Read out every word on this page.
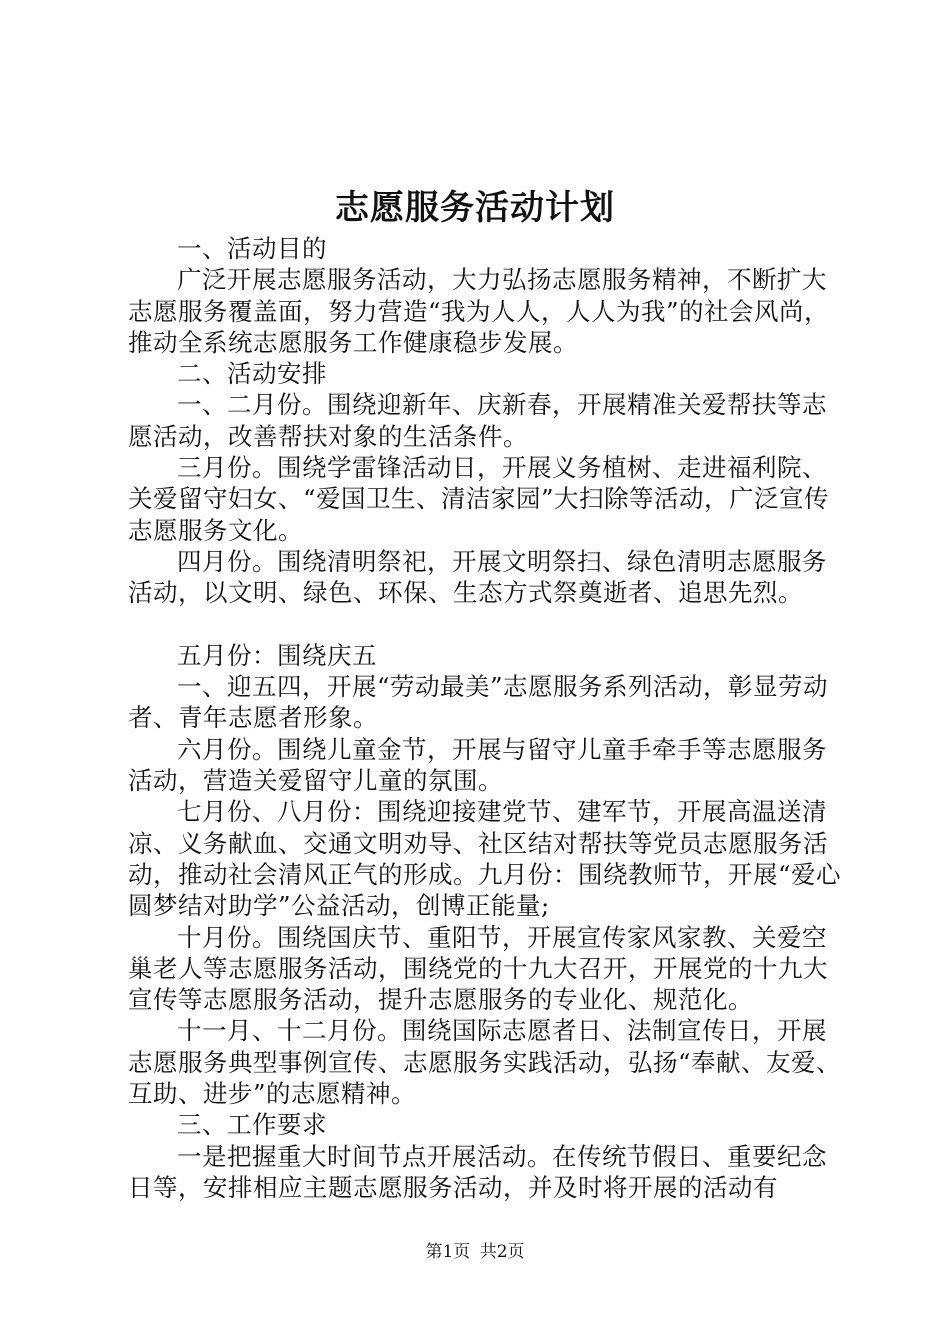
志愿服务活动计划

一、活动目的

广泛开展志愿服务活动，大力弘扬志愿服务精神，不断扩大志愿服务覆盖面，努力营造“我为人人，人人为我”的社会风尚，推动全系统志愿服务工作健康稳步发展。

二、活动安排

一、二月份。围绕迎新年、庆新春，开展精准关爱帮扶等志愿活动，改善帮扶对象的生活条件。

三月份。围绕学雷锋活动日，开展义务植树、走进福利院、关爱留守妇女、“爱国卫生、清洁家园”大扫除等活动，广泛宣传志愿服务文化。

四月份。围绕清明祭祀，开展文明祭扫、绿色清明志愿服务活动，以文明、绿色、环保、生态方式祭奠逝者、追思先烈。

五月份：围绕庆五

一、迎五四，开展“劳动最美”志愿服务系列活动，彰显劳动者、青年志愿者形象。

六月份。围绕儿童金节，开展与留守儿童手牵手等志愿服务活动，营造关爱留守儿童的氛围。

七月份、八月份：围绕迎接建党节、建军节，开展高温送清凉、义务献血、交通文明劝导、社区结对帮扶等党员志愿服务活动，推动社会清风正气的形成。九月份：围绕教师节，开展“爱心圆梦结对助学”公益活动，创博正能量;

十月份。围绕国庆节、重阳节，开展宣传家风家教、关爱空巢老人等志愿服务活动，围绕党的十九大召开，开展党的十九大宣传等志愿服务活动，提升志愿服务的专业化、规范化。

十一月、十二月份。围绕国际志愿者日、法制宣传日，开展志愿服务典型事例宣传、志愿服务实践活动，弘扬“奉献、友爱、互助、进步”的志愿精神。

三、工作要求

一是把握重大时间节点开展活动。在传统节假日、重要纪念日等，安排相应主题志愿服务活动，并及时将开展的活动有

第1页 共2页
